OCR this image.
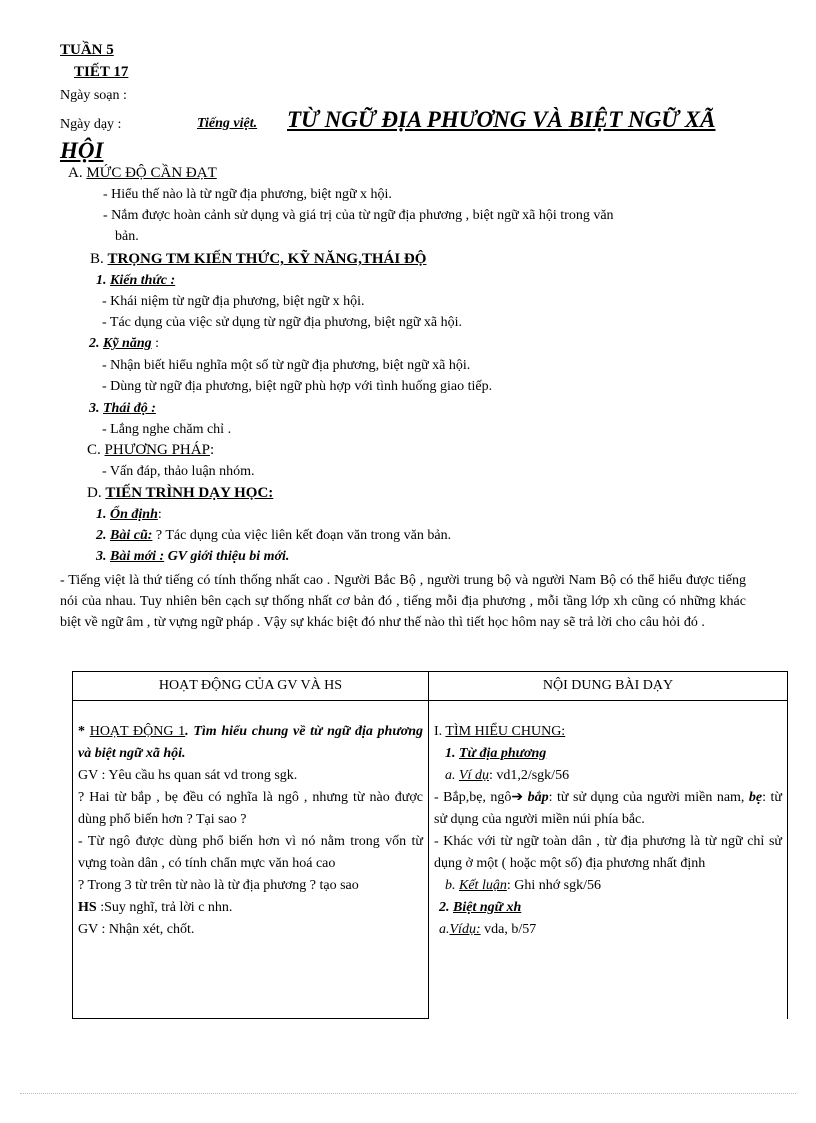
TUẦN 5
TIẾT 17
Ngày soạn :
Ngày dạy :	Tiếng việt. TỪ NGỮ ĐỊA PHƯƠNG VÀ BIỆT NGỮ XÃ
HỘI
A. MỨC ĐỘ CẦN ĐẠT
- Hiểu thế nào là từ ngữ địa phương, biệt ngữ x hội.
- Nắm được hoàn cảnh sử dụng và giá trị của từ ngữ địa phương , biệt ngữ xã hội trong văn
bản.
B. TRỌNG TM KIẾN THỨC, KỸ NĂNG,THÁI ĐỘ
1. Kiến thức :
- Khái niệm từ ngữ địa phương, biệt ngữ x hội.
- Tác dụng của việc sử dụng từ ngữ địa phương, biệt ngữ xã hội.
2. Kỹ năng :
- Nhận biết hiểu nghĩa một số từ ngữ địa phương, biệt ngữ xã hội.
- Dùng từ ngữ địa phương, biệt ngữ phù hợp với tình huống giao tiếp.
3. Thái độ :
- Lắng nghe chăm chỉ .
C. PHƯƠNG PHÁP:
- Vấn đáp, thảo luận nhóm.
D. TIẾN TRÌNH DẠY HỌC:
1. Ổn định:
2. Bài cũ: ? Tác dụng của việc liên kết đoạn văn trong văn bản.
3. Bài mới : GV giới thiệu bi mới.
- Tiếng việt là thứ tiếng có tính thống nhất cao . Người Bắc Bộ , người trung bộ và người Nam Bộ có thể hiểu được tiếng nói của nhau. Tuy nhiên bên cạch sự thống nhất cơ bản đó , tiếng mỗi địa phương , mỗi tầng lớp xh cũng có những khác biệt về ngữ âm , từ vựng ngữ pháp . Vậy sự khác biệt đó như thế nào thì tiết học hôm nay sẽ trả lời cho câu hỏi đó .
HOẠT ĐỘNG CỦA GV VÀ HS	NỘI DUNG BÀI DẠY
* HOẠT ĐỘNG 1. Tìm hiểu chung về từ ngữ địa phương và biệt ngữ xã hội.
GV : Yêu cầu hs quan sát vd trong sgk.
? Hai từ bắp , bẹ đều có nghĩa là ngô , nhưng từ nào được dùng phổ biến hơn ? Tại sao ?
- Từ ngô được dùng phổ biến hơn vì nó nằm trong vốn từ vựng toàn dân , có tính chẩn mực văn hoá cao
? Trong 3 từ trên từ nào là từ địa phương ? tạo sao
HS :Suy nghĩ, trả lời c nhn.
GV : Nhận xét, chốt.
I. TÌM HIỂU CHUNG:
1. Từ địa phương
a. Ví dụ: vd1,2/sgk/56
- Bắp,bẹ, ngô➔ bắp: từ sử dụng của người miền nam, bẹ: từ sử dụng của người miền núi phía bắc.
- Khác với từ ngữ toàn dân , từ địa phương là từ ngữ chỉ sử dụng ở một ( hoặc một số) địa phương nhất định
b. Kết luận: Ghi nhớ sgk/56
2. Biệt ngữ xh
a.Vídụ: vda, b/57
